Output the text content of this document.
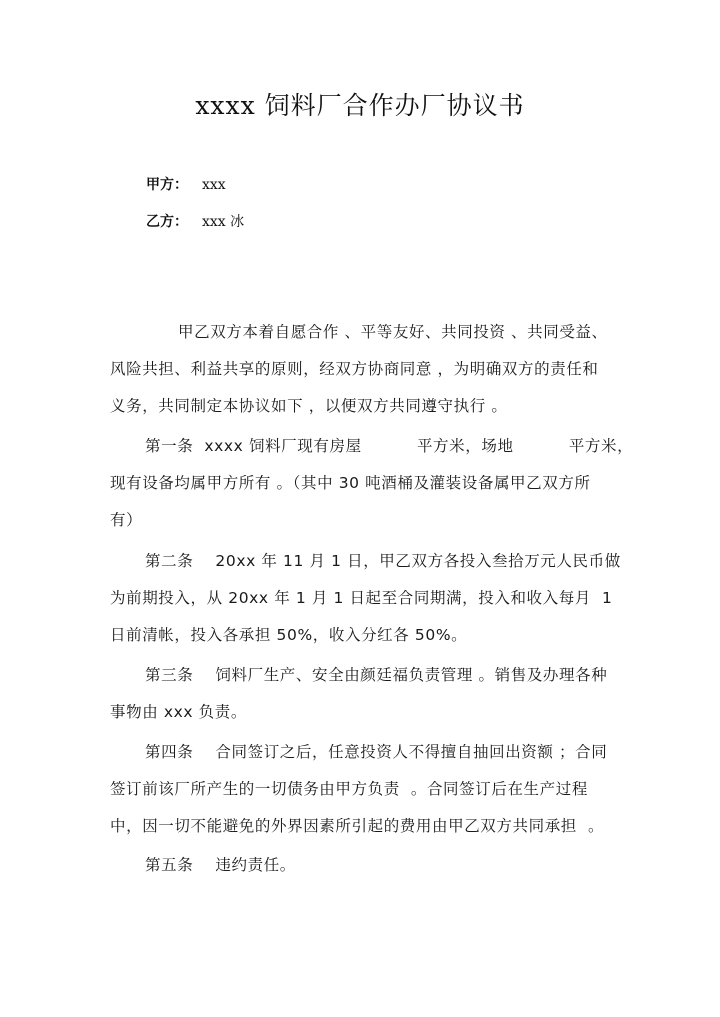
xxxx 饲料厂合作办厂协议书
甲方： xxx
乙方： xxx 冰
甲乙双方本着自愿合作 、平等友好、共同投资 、共同受益、
风险共担、利益共享的原则，经双方协商同意 ，为明确双方的责任和
义务，共同制定本协议如下 ，以便双方共同遵守执行 。
第一条  xxxx 饲料厂现有房屋          平方米，场地          平方米，
现有设备均属甲方所有 。（其中 30 吨酒桶及灌装设备属甲乙双方所
有）
第二条    20xx 年 11 月 1 日，甲乙双方各投入叁拾万元人民币做
为前期投入，从 20xx 年 1 月 1 日起至合同期满，投入和收入每月  1
日前清帐，投入各承担 50%，收入分红各 50%。
第三条    饲料厂生产、安全由颜廷福负责管理 。销售及办理各种
事物由 xxx 负责。
第四条    合同签订之后，任意投资人不得擅自抽回出资额 ；合同
签订前该厂所产生的一切债务由甲方负责  。合同签订后在生产过程
中，因一切不能避免的外界因素所引起的费用由甲乙双方共同承担  。
第五条    违约责任。
